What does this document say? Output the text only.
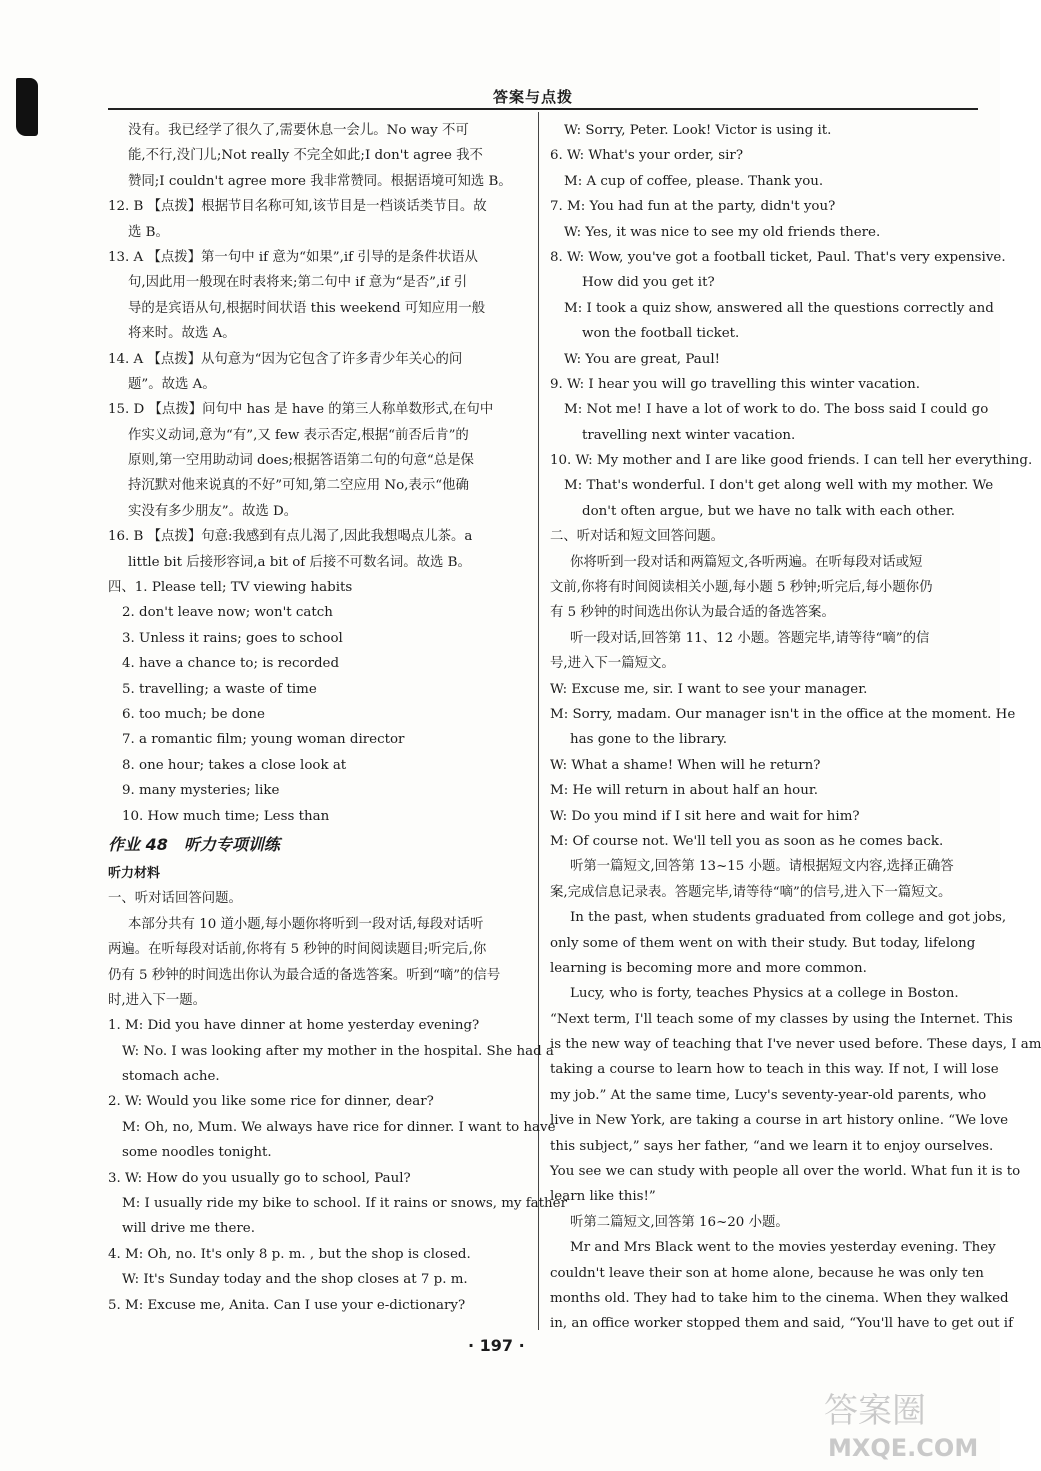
答案与点拨
没有。我已经学了很久了,需要休息一会儿。No way 不可
能,不行,没门儿;Not really 不完全如此;I don't agree 我不
赞同;I couldn't agree more 我非常赞同。根据语境可知选 B。
12. B 【点拨】根据节目名称可知,该节目是一档谈话类节目。故
选 B。
13. A 【点拨】第一句中 if 意为“如果”,if 引导的是条件状语从
句,因此用一般现在时表将来;第二句中 if 意为“是否”,if 引
导的是宾语从句,根据时间状语 this weekend 可知应用一般
将来时。故选 A。
14. A 【点拨】从句意为“因为它包含了许多青少年关心的问
题”。故选 A。
15. D 【点拨】问句中 has 是 have 的第三人称单数形式,在句中
作实义动词,意为“有”,又 few 表示否定,根据“前否后肯”的
原则,第一空用助动词 does;根据答语第二句的句意“总是保
持沉默对他来说真的不好”可知,第二空应用 No,表示“他确
实没有多少朋友”。故选 D。
16. B 【点拨】句意:我感到有点儿渴了,因此我想喝点儿茶。a
little bit 后接形容词,a bit of 后接不可数名词。故选 B。
四、1. Please tell; TV viewing habits
2. don't leave now; won't catch
3. Unless it rains; goes to school
4. have a chance to; is recorded
5. travelling; a waste of time
6. too much; be done
7. a romantic film; young woman director
8. one hour; takes a close look at
9. many mysteries; like
10. How much time; Less than
作业 48　听力专项训练
听力材料
一、听对话回答问题。
本部分共有 10 道小题,每小题你将听到一段对话,每段对话听
两遍。在听每段对话前,你将有 5 秒钟的时间阅读题目;听完后,你
仍有 5 秒钟的时间选出你认为最合适的备选答案。听到“嘀”的信号
时,进入下一题。
1. M: Did you have dinner at home yesterday evening?
W: No. I was looking after my mother in the hospital. She had a
stomach ache.
2. W: Would you like some rice for dinner, dear?
M: Oh, no, Mum. We always have rice for dinner. I want to have
some noodles tonight.
3. W: How do you usually go to school, Paul?
M: I usually ride my bike to school. If it rains or snows, my father
will drive me there.
4. M: Oh, no. It's only 8 p. m. , but the shop is closed.
W: It's Sunday today and the shop closes at 7 p. m.
5. M: Excuse me, Anita. Can I use your e-dictionary?
W: Sorry, Peter. Look! Victor is using it.
6. W: What's your order, sir?
M: A cup of coffee, please. Thank you.
7. M: You had fun at the party, didn't you?
W: Yes, it was nice to see my old friends there.
8. W: Wow, you've got a football ticket, Paul. That's very expensive.
How did you get it?
M: I took a quiz show, answered all the questions correctly and
won the football ticket.
W: You are great, Paul!
9. W: I hear you will go travelling this winter vacation.
M: Not me! I have a lot of work to do. The boss said I could go
travelling next winter vacation.
10. W: My mother and I are like good friends. I can tell her everything.
M: That's wonderful. I don't get along well with my mother. We
don't often argue, but we have no talk with each other.
二、听对话和短文回答问题。
你将听到一段对话和两篇短文,各听两遍。在听每段对话或短
文前,你将有时间阅读相关小题,每小题 5 秒钟;听完后,每小题你仍
有 5 秒钟的时间选出你认为最合适的备选答案。
听一段对话,回答第 11、12 小题。答题完毕,请等待“嘀”的信
号,进入下一篇短文。
W: Excuse me, sir. I want to see your manager.
M: Sorry, madam. Our manager isn't in the office at the moment. He
has gone to the library.
W: What a shame! When will he return?
M: He will return in about half an hour.
W: Do you mind if I sit here and wait for him?
M: Of course not. We'll tell you as soon as he comes back.
听第一篇短文,回答第 13~15 小题。请根据短文内容,选择正确答
案,完成信息记录表。答题完毕,请等待“嘀”的信号,进入下一篇短文。
In the past, when students graduated from college and got jobs,
only some of them went on with their study. But today, lifelong
learning is becoming more and more common.
Lucy, who is forty, teaches Physics at a college in Boston.
“Next term, I'll teach some of my classes by using the Internet. This
is the new way of teaching that I've never used before. These days, I am
taking a course to learn how to teach in this way. If not, I will lose
my job.” At the same time, Lucy's seventy-year-old parents, who
live in New York, are taking a course in art history online. “We love
this subject,” says her father, “and we learn it to enjoy ourselves.
You see we can study with people all over the world. What fun it is to
learn like this!”
听第二篇短文,回答第 16~20 小题。
Mr and Mrs Black went to the movies yesterday evening. They
couldn't leave their son at home alone, because he was only ten
months old. They had to take him to the cinema. When they walked
in, an office worker stopped them and said, “You'll have to get out if
· 197 ·
答案圈
MXQE.COM
